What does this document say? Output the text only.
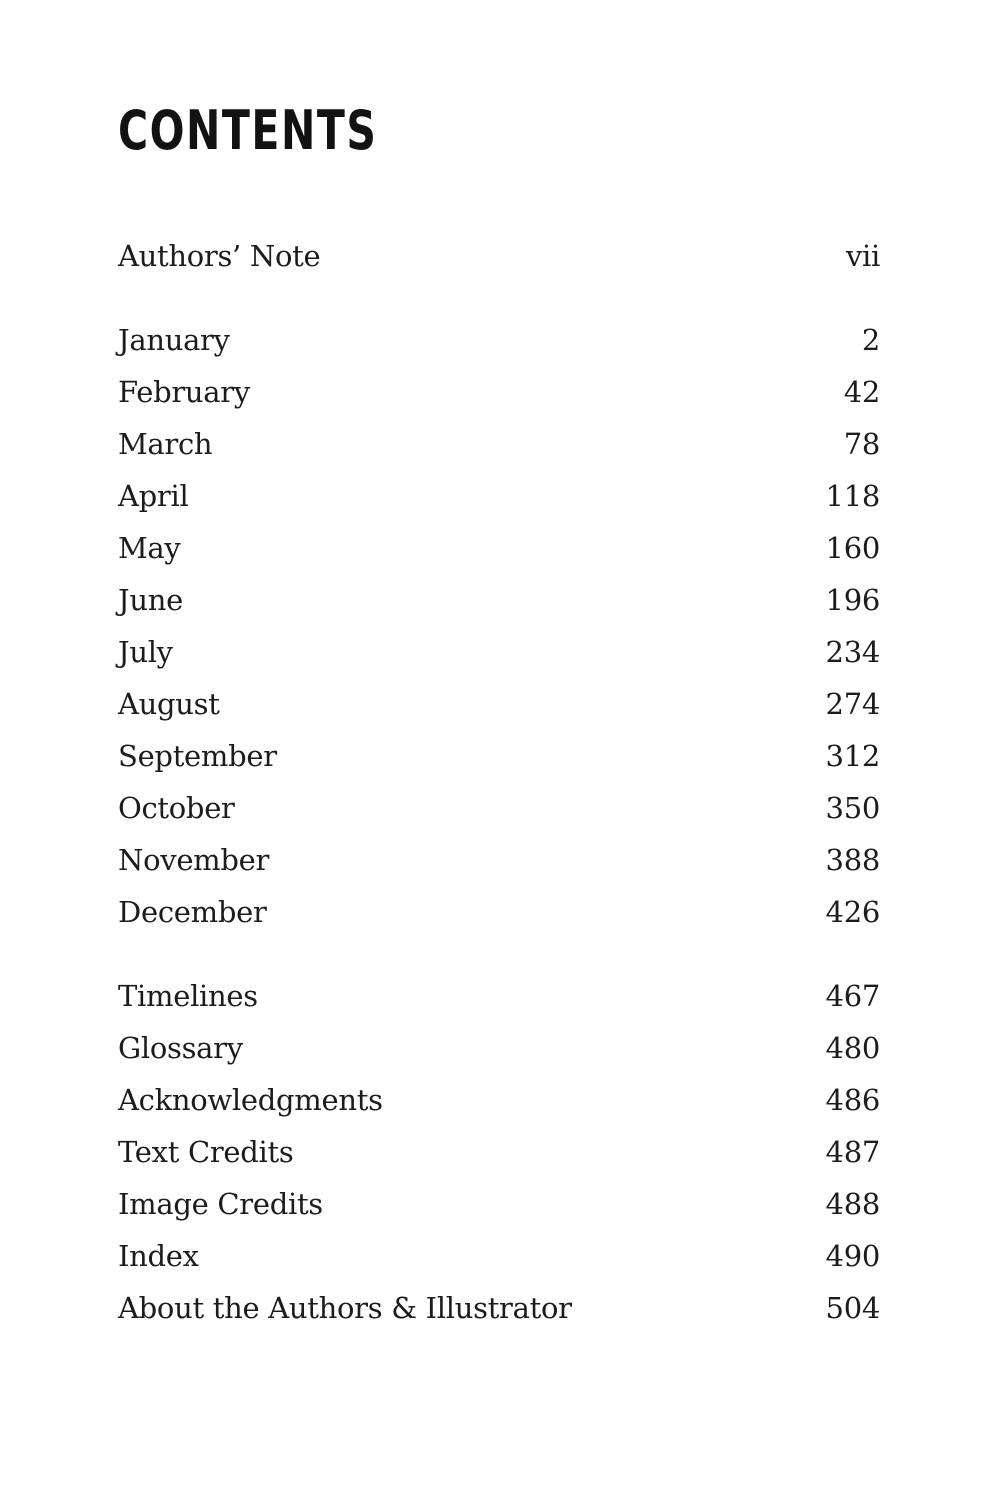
CONTENTS
Authors’ Note	vii
January	2
February	42
March	78
April	118
May	160
June	196
July	234
August	274
September	312
October	350
November	388
December	426
Timelines	467
Glossary	480
Acknowledgments	486
Text Credits	487
Image Credits	488
Index	490
About the Authors & Illustrator	504
